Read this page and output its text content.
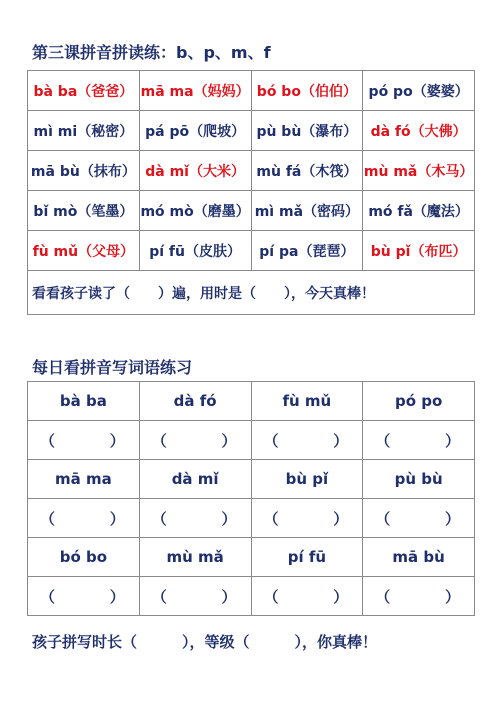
第三课拼音拼读练：b、p、m、f
bà ba（爸爸）	mā ma（妈妈）	bó bo（伯伯）	pó po（婆婆）
mì mi（秘密）	pá pō（爬坡）	pù bù（瀑布）	dà fó（大佛）
mā bù（抹布）	dà mǐ（大米）	mù fá（木筏）	mù mǎ（木马）
bǐ mò（笔墨）	mó mò（磨墨）	mì mǎ（密码）	mó fǎ（魔法）
fù mǔ（父母）	pí fū（皮肤）	pí pa（琵琶）	bù pǐ（布匹）
看看孩子读了（　　）遍，用时是（　　），今天真棒！			
每日看拼音写词语练习
bà ba	dà fó	fù mǔ	pó po

（ ）	（ ）	（ ）	（ ）

mā ma	dà mǐ	bù pǐ	pù bù

（ ）	（ ）	（ ）	（ ）

bó bo	mù mǎ	pí fū	mā bù

（ ）	（ ）	（ ）	（ ）
孩子拼写时长（　　　），等级（　　　），你真棒！
